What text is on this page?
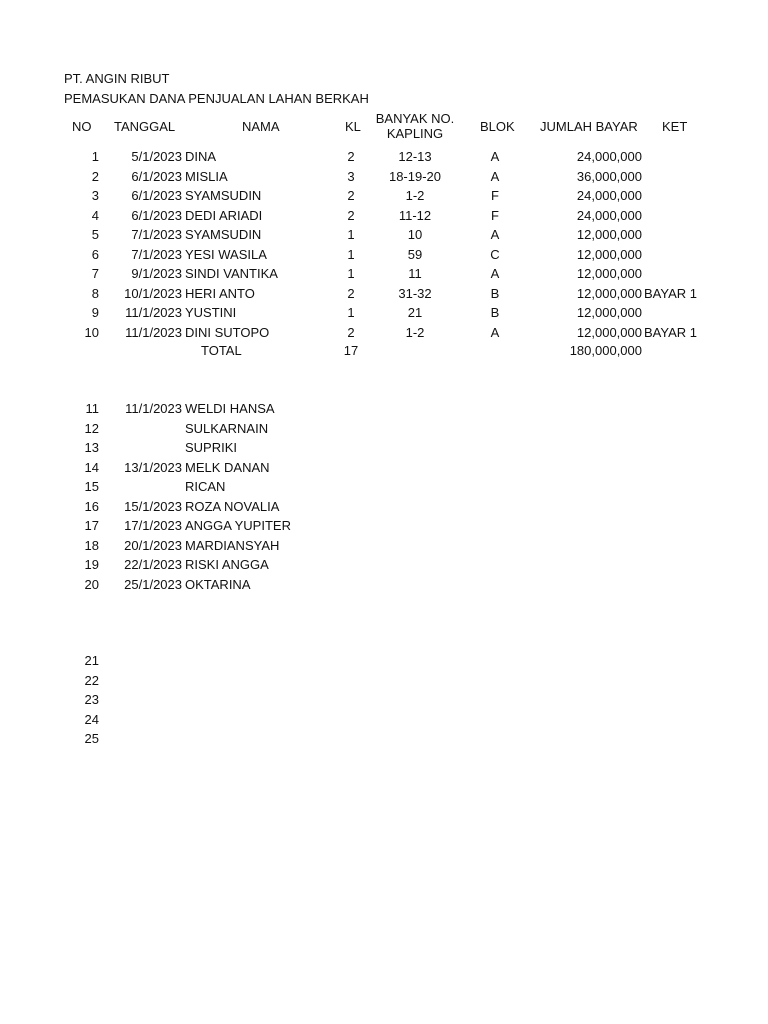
PT. ANGIN RIBUT
PEMASUKAN DANA PENJUALAN LAHAN BERKAH
NO TANGGAL	NAMA	KL
BANYAK NO.
KAPLING	BLOK JUMLAH BAYAR KET
1 5/1/2023 DINA	2	12-13	A	24,000,000
2 6/1/2023 MISLIA	3	18-19-20	A	36,000,000
3 6/1/2023 SYAMSUDIN	2	1-2	F	24,000,000
4 6/1/2023 DEDI ARIADI	2	11-12	F	24,000,000
5 7/1/2023 SYAMSUDIN	1	10	A	12,000,000
6 7/1/2023 YESI WASILA	1	59	C	12,000,000
7 9/1/2023 SINDI VANTIKA	1	11	A	12,000,000
8 10/1/2023 HERI ANTO	2	31-32	B	12,000,000 BAYAR 1
9 11/1/2023 YUSTINI	1	21	B	12,000,000
10 11/1/2023 DINI SUTOPO	2	1-2	A	12,000,000 BAYAR 1
TOTAL	17	180,000,000
11 11/1/2023 WELDI HANSA
12	SULKARNAIN
13	SUPRIKI
14 13/1/2023 MELK DANAN
15	RICAN
16 15/1/2023 ROZA NOVALIA
17 17/1/2023 ANGGA YUPITER
18 20/1/2023 MARDIANSYAH
19 22/1/2023 RISKI ANGGA
20 25/1/2023 OKTARINA
21
22
23
24
25
